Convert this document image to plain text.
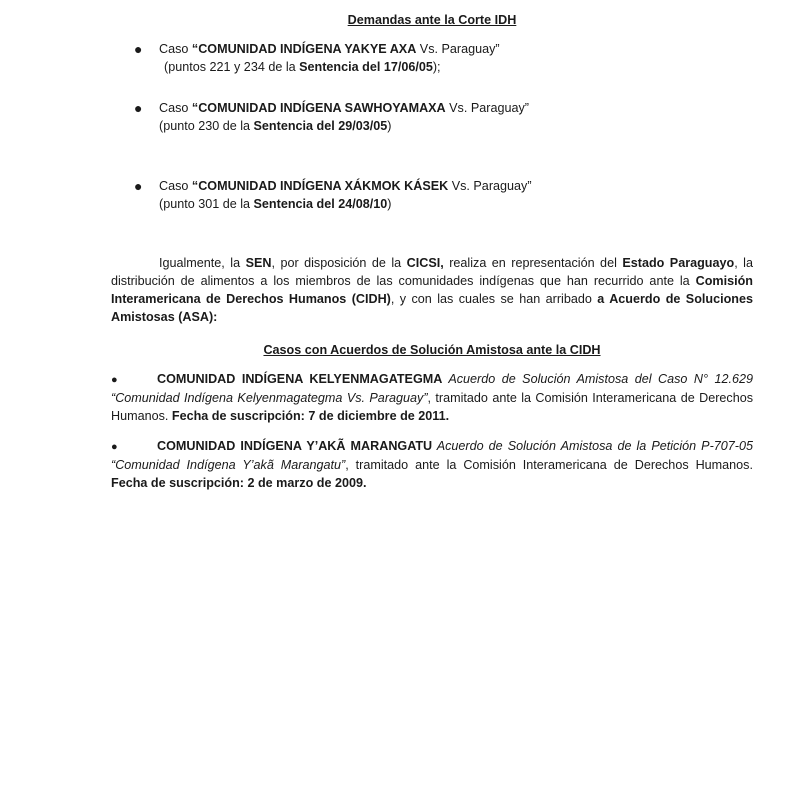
Demandas ante la Corte IDH
● Caso “COMUNIDAD INDÍGENA YAKYE AXA Vs. Paraguay”
(puntos 221 y 234 de la Sentencia del 17/06/05);
● Caso “COMUNIDAD INDÍGENA SAWHOYAMAXA Vs. Paraguay”
(punto 230 de la Sentencia del 29/03/05)
● Caso “COMUNIDAD INDÍGENA XÁKMOK KÁSEK Vs. Paraguay”
(punto 301 de la Sentencia del 24/08/10)
Igualmente, la SEN, por disposición de la CICSI, realiza en representación del Estado Paraguayo, la distribución de alimentos a los miembros de las comunidades indígenas que han recurrido ante la Comisión Interamericana de Derechos Humanos (CIDH), y con las cuales se han arribado a Acuerdo de Soluciones Amistosas (ASA):
Casos con Acuerdos de Solución Amistosa ante la CIDH
●	COMUNIDAD INDÍGENA KELYENMAGATEGMA Acuerdo de Solución Amistosa del Caso N° 12.629 “Comunidad Indígena Kelyenmagategma Vs. Paraguay”, tramitado ante la Comisión Interamericana de Derechos Humanos. Fecha de suscripción: 7 de diciembre de 2011.
●	COMUNIDAD INDÍGENA Y’AKÃ MARANGATU Acuerdo de Solución Amistosa de la Petición P-707-05 “Comunidad Indígena Y’akã Marangatu”, tramitado ante la Comisión Interamericana de Derechos Humanos. Fecha de suscripción: 2 de marzo de 2009.
